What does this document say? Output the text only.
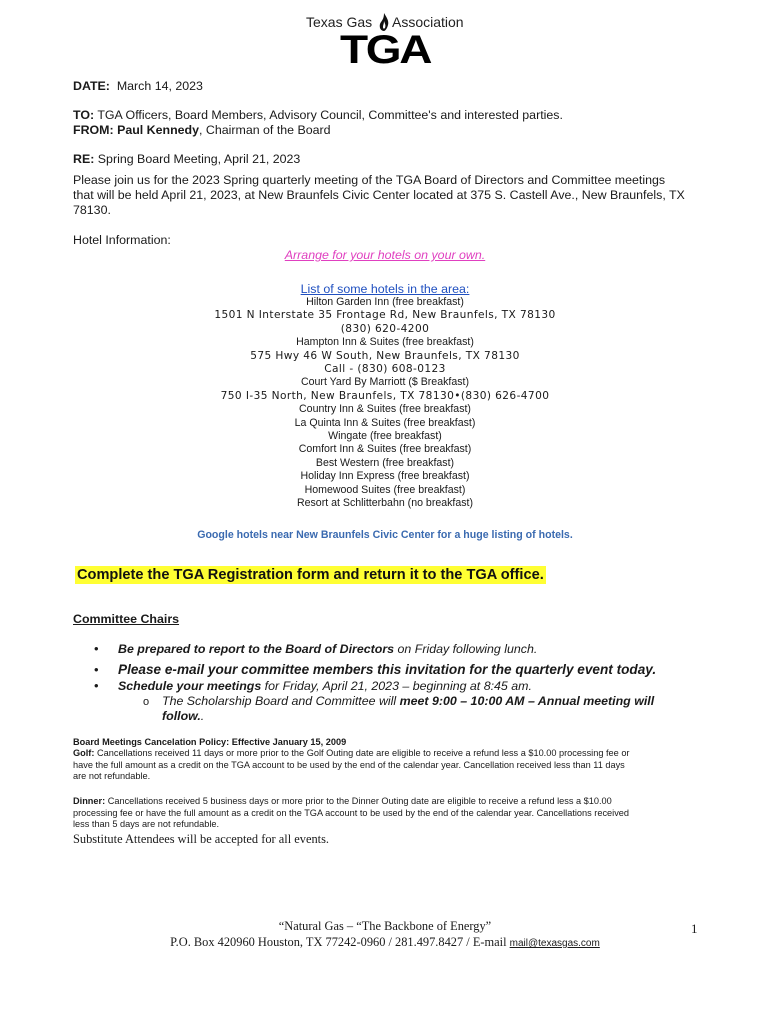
Texas Gas Association
TGA
DATE: March 14, 2023
TO: TGA Officers, Board Members, Advisory Council, Committee's and interested parties.
FROM: Paul Kennedy, Chairman of the Board
RE: Spring Board Meeting, April 21, 2023
Please join us for the 2023 Spring quarterly meeting of the TGA Board of Directors and Committee meetings
that will be held April 21, 2023, at New Braunfels Civic Center located at 375 S. Castell Ave., New Braunfels, TX
78130.
Hotel Information:
Arrange for your hotels on your own.
List of some hotels in the area:
Hilton Garden Inn (free breakfast)
1501 N Interstate 35 Frontage Rd, New Braunfels, TX 78130
(830) 620-4200
Hampton Inn & Suites (free breakfast)
575 Hwy 46 W South, New Braunfels, TX 78130
Call - (830) 608-0123
Court Yard By Marriott ($ Breakfast)
750 I-35 North, New Braunfels, TX 78130•(830) 626-4700
Country Inn & Suites (free breakfast)
La Quinta Inn & Suites (free breakfast)
Wingate (free breakfast)
Comfort Inn & Suites (free breakfast)
Best Western (free breakfast)
Holiday Inn Express (free breakfast)
Homewood Suites (free breakfast)
Resort at Schlitterbahn (no breakfast)
Google hotels near New Braunfels Civic Center for a huge listing of hotels.
Complete the TGA Registration form and return it to the TGA office.
Committee Chairs
• Be prepared to report to the Board of Directors on Friday following lunch.
• Please e-mail your committee members this invitation for the quarterly event today.
• Schedule your meetings for Friday, April 21, 2023 – beginning at 8:45 am.
o The Scholarship Board and Committee will meet 9:00 – 10:00 AM – Annual meeting will
follow..
Board Meetings Cancelation Policy: Effective January 15, 2009
Golf: Cancellations received 11 days or more prior to the Golf Outing date are eligible to receive a refund less a $10.00 processing fee or
have the full amount as a credit on the TGA account to be used by the end of the calendar year. Cancellation received less than 11 days
are not refundable.
Dinner: Cancellations received 5 business days or more prior to the Dinner Outing date are eligible to receive a refund less a $10.00
processing fee or have the full amount as a credit on the TGA account to be used by the end of the calendar year. Cancellations received
less than 5 days are not refundable.
Substitute Attendees will be accepted for all events.
“Natural Gas – “The Backbone of Energy”
P.O. Box 420960 Houston, TX 77242-0960 / 281.497.8427 / E-mail mail@texasgas.com
1
